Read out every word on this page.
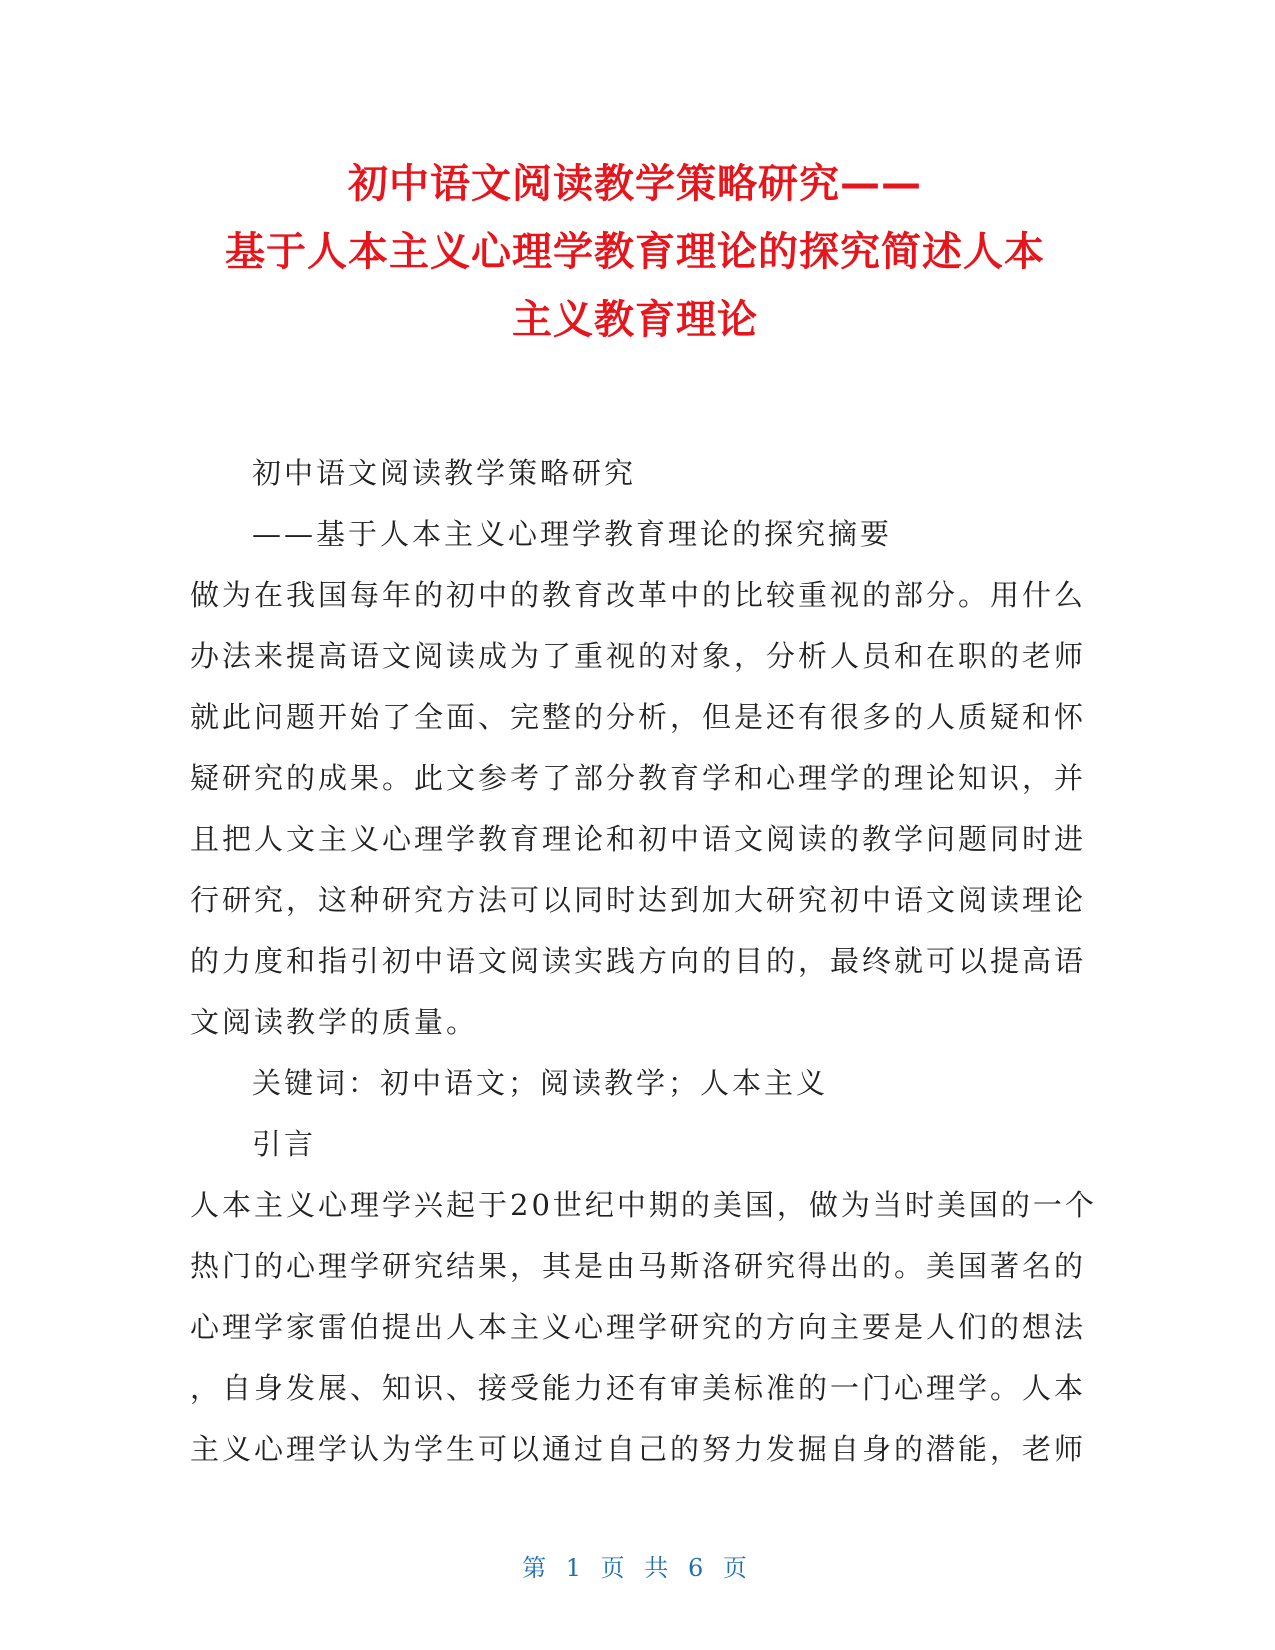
初中语文阅读教学策略研究——
基于人本主义心理学教育理论的探究简述人本
主义教育理论

初中语文阅读教学策略研究

——基于人本主义心理学教育理论的探究摘要

做为在我国每年的初中的教育改革中的比较重视的部分。用什么

办法来提高语文阅读成为了重视的对象，分析人员和在职的老师

就此问题开始了全面、完整的分析，但是还有很多的人质疑和怀

疑研究的成果。此文参考了部分教育学和心理学的理论知识，并

且把人文主义心理学教育理论和初中语文阅读的教学问题同时进

行研究，这种研究方法可以同时达到加大研究初中语文阅读理论

的力度和指引初中语文阅读实践方向的目的，最终就可以提高语

文阅读教学的质量。

关键词：初中语文；阅读教学；人本主义

引言

人本主义心理学兴起于20世纪中期的美国，做为当时美国的一个

热门的心理学研究结果，其是由马斯洛研究得出的。美国著名的

心理学家雷伯提出人本主义心理学研究的方向主要是人们的想法

，自身发展、知识、接受能力还有审美标准的一门心理学。人本

主义心理学认为学生可以通过自己的努力发掘自身的潜能，老师

第 1 页 共 6 页
